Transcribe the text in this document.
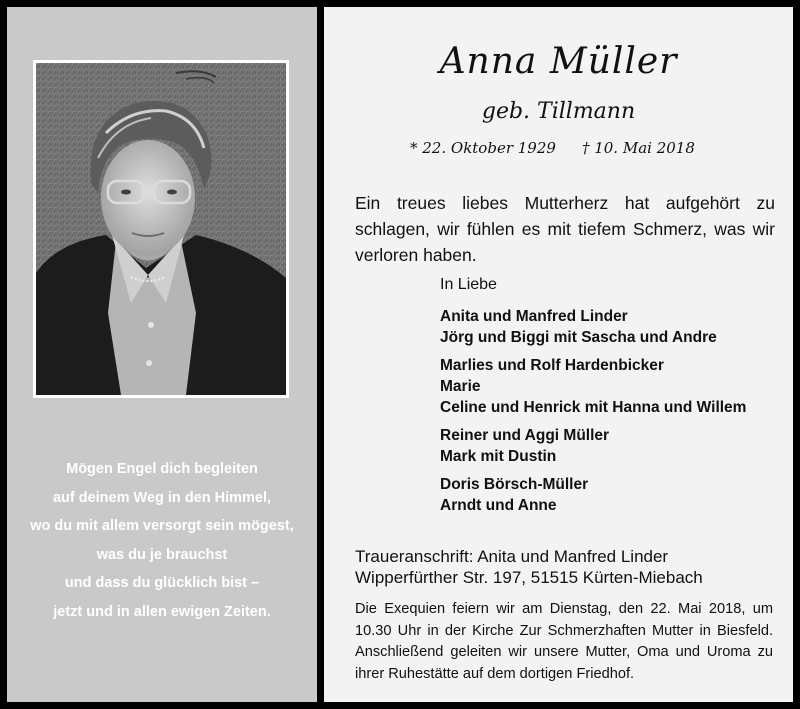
Mögen Engel dich begleiten
auf deinem Weg in den Himmel,
wo du mit allem versorgt sein mögest,
was du je brauchst
und dass du glücklich bist –
jetzt und in allen ewigen Zeiten.
Anna Müller
geb. Tillmann
* 22. Oktober 1929 † 10. Mai 2018
Ein treues liebes Mutterherz hat aufgehört zu schlagen, wir fühlen es mit tiefem Schmerz, was wir verloren haben.
In Liebe
Anita und Manfred Linder
Jörg und Biggi mit Sascha und Andre
Marlies und Rolf Hardenbicker
Marie
Celine und Henrick mit Hanna und Willem
Reiner und Aggi Müller
Mark mit Dustin
Doris Börsch-Müller
Arndt und Anne
Traueranschrift: Anita und Manfred Linder
Wipperfürther Str. 197, 51515 Kürten-Miebach
Die Exequien feiern wir am Dienstag, den 22. Mai 2018, um 10.30 Uhr in der Kirche Zur Schmerzhaften Mutter in Biesfeld. Anschließend geleiten wir unsere Mutter, Oma und Uroma zu ihrer Ruhestätte auf dem dortigen Friedhof.
